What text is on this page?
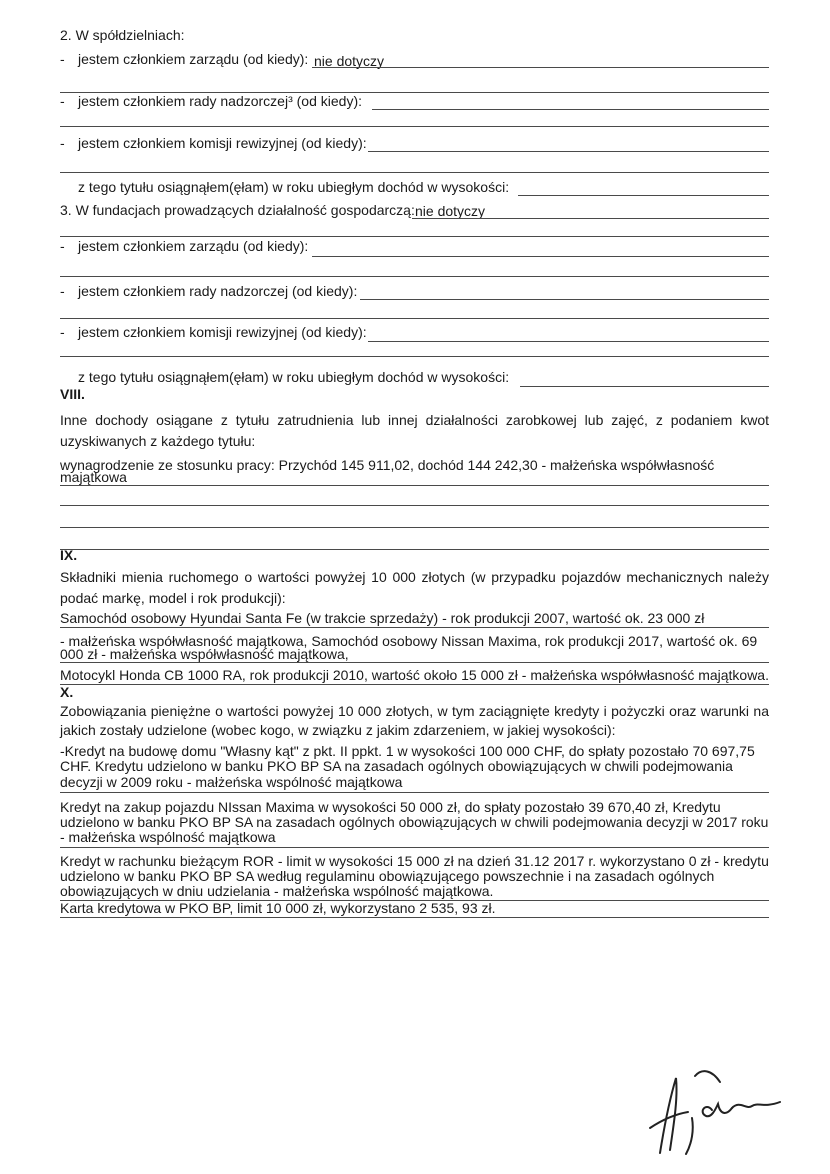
2. W spółdzielniach:
- jestem członkiem zarządu (od kiedy): nie dotyczy
- jestem członkiem rady nadzorczej³ (od kiedy):
- jestem członkiem komisji rewizyjnej (od kiedy):
z tego tytułu osiągnąłem(ęłam) w roku ubiegłym dochód w wysokości:
3. W fundacjach prowadzących działalność gospodarczą: nie dotyczy
- jestem członkiem zarządu (od kiedy):
- jestem członkiem rady nadzorczej (od kiedy):
- jestem członkiem komisji rewizyjnej (od kiedy):
z tego tytułu osiągnąłem(ęłam) w roku ubiegłym dochód w wysokości:
VIII.
Inne dochody osiągane z tytułu zatrudnienia lub innej działalności zarobkowej lub zajęć, z podaniem kwot uzyskiwanych z każdego tytułu:
wynagrodzenie ze stosunku pracy: Przychód 145 911,02, dochód 144 242,30 - małżeńska współwłasność
majątkowa
IX.
Składniki mienia ruchomego o wartości powyżej 10 000 złotych (w przypadku pojazdów mechanicznych należy podać markę, model i rok produkcji):
Samochód osobowy Hyundai Santa Fe (w trakcie sprzedaży) - rok produkcji 2007, wartość ok. 23 000 zł
- małżeńska współwłasność majątkowa, Samochód osobowy Nissan Maxima, rok produkcji 2017, wartość ok. 69
000 zł - małżeńska współwłasność majątkowa,
Motocykl Honda CB 1000 RA, rok produkcji 2010, wartość około 15 000 zł - małżeńska współwłasność majątkowa.
X.
Zobowiązania pieniężne o wartości powyżej 10 000 złotych, w tym zaciągnięte kredyty i pożyczki oraz warunki na jakich zostały udzielone (wobec kogo, w związku z jakim zdarzeniem, w jakiej wysokości):
-Kredyt na budowę domu "Własny kąt" z pkt. II ppkt. 1 w wysokości 100 000 CHF, do spłaty pozostało 70 697,75
CHF. Kredytu udzielono w banku PKO BP SA na zasadach ogólnych obowiązujących w chwili podejmowania
decyzji w 2009 roku - małżeńska wspólność majątkowa
Kredyt na zakup pojazdu NIssan Maxima w wysokości 50 000 zł, do spłaty pozostało 39 670,40 zł, Kredytu
udzielono w banku PKO BP SA na zasadach ogólnych obowiązujących w chwili podejmowania decyzji w 2017 roku
- małżeńska wspólność majątkowa
Kredyt w rachunku bieżącym ROR - limit w wysokości 15 000 zł na dzień 31.12 2017 r. wykorzystano 0 zł - kredytu
udzielono w banku PKO BP SA według regulaminu obowiązującego powszechnie i na zasadach ogólnych
obowiązujących w dniu udzielania - małżeńska wspólność majątkowa.
Karta kredytowa w PKO BP, limit 10 000 zł, wykorzystano 2 535, 93 zł.
